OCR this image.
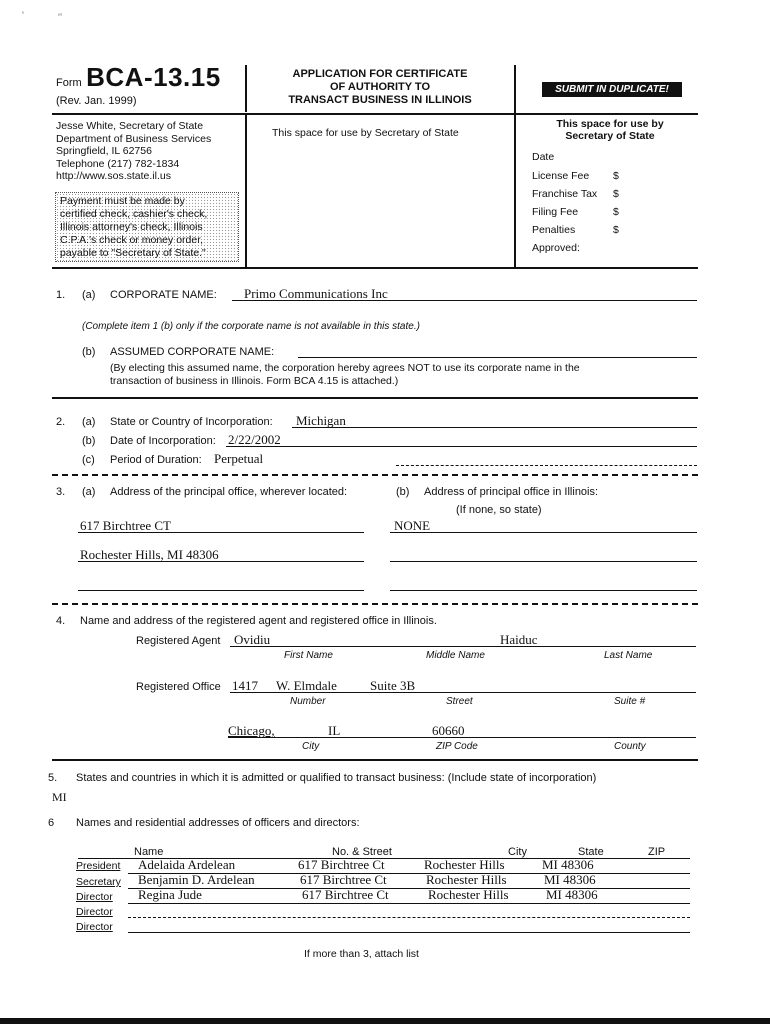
‘	‘’
Form BCA-13.15
(Rev. Jan. 1999)
APPLICATION FOR CERTIFICATE
OF AUTHORITY TO
TRANSACT BUSINESS IN ILLINOIS
SUBMIT IN DUPLICATE!
Jesse White, Secretary of State
Department of Business Services
Springfield, IL 62756
Telephone (217) 782-1834
http://www.sos.state.il.us
Payment must be made by
certified check, cashier's check,
Illinois attorney's check, Illinois
C.P.A.'s check or money order,
payable to "Secretary of State."
This space for use by Secretary of State
This space for use by
Secretary of State
Date
License Fee $
Franchise Tax $
Filing Fee	$
Penalties	$
Approved:
1. (a) CORPORATE NAME: Primo Communications Inc
(Complete item 1 (b) only if the corporate name is not available in this state.)
(b) ASSUMED CORPORATE NAME:
(By electing this assumed name, the corporation hereby agrees NOT to use its corporate name in the
transaction of business in Illinois. Form BCA 4.15 is attached.)
2. (a) State or Country of Incorporation: Michigan
(b) Date of Incorporation: 2/22/2002
(c) Period of Duration: Perpetual
3. (a) Address of the principal office, wherever located:	(b) Address of principal office in Illinois:
(If none, so state)
617 Birchtree CT	NONE
Rochester Hills, MI 48306
4. Name and address of the registered agent and registered office in Illinois.
Registered Agent Ovidiu	Haiduc
First Name	Middle Name	Last Name
Registered Office 1417 W. Elmdale	Suite 3B
Number	Street	Suite #
Chicago,	IL	60660
City	ZIP Code	County
5. States and countries in which it is admitted or qualified to transact business: (Include state of incorporation)
MI
6 Names and residential addresses of officers and directors:
Name	No. & Street	City	State	ZIP
President Adelaida Ardelean	617 Birchtree Ct	Rochester Hills	MI 48306
Secretary Benjamin D. Ardelean	617 Birchtree Ct	Rochester Hills	MI 48306
Director Regina Jude	617 Birchtree Ct	Rochester Hills	MI 48306
Director
Director
If more than 3, attach list
